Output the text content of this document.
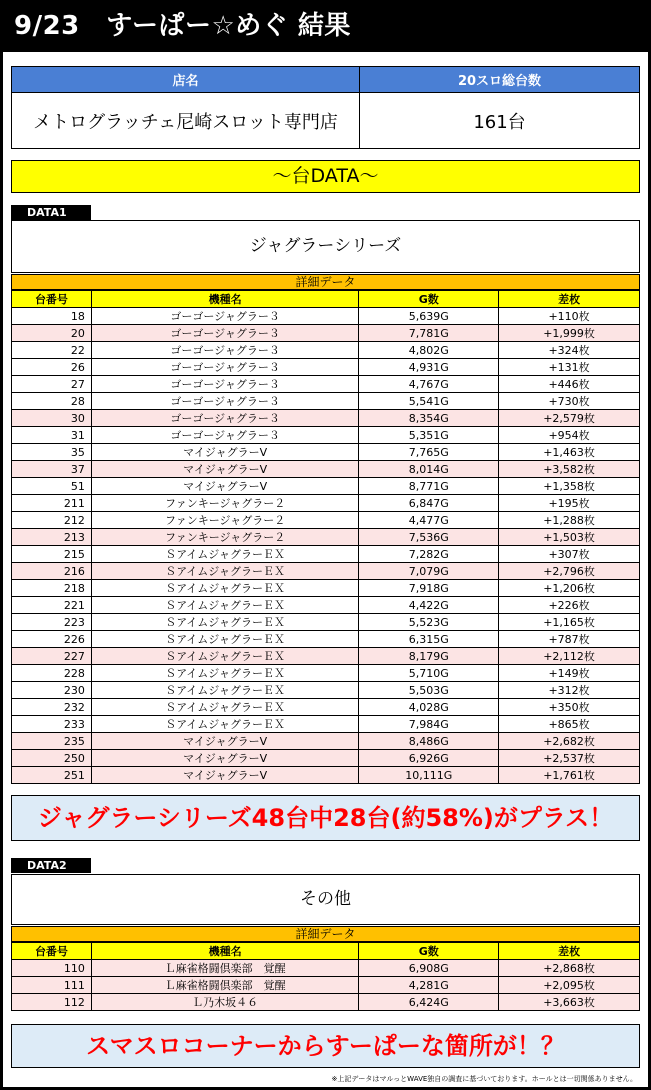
9/23　すーぱー☆めぐ 結果
店名	20スロ総台数
メトログラッチェ尼崎スロット専門店	161台
～台DATA～
DATA1
ジャグラーシリーズ
詳細データ
台番号	機種名	G数	差枚
18	ゴーゴージャグラー３	5,639G	+110枚
20	ゴーゴージャグラー３	7,781G	+1,999枚
22	ゴーゴージャグラー３	4,802G	+324枚
26	ゴーゴージャグラー３	4,931G	+131枚
27	ゴーゴージャグラー３	4,767G	+446枚
28	ゴーゴージャグラー３	5,541G	+730枚
30	ゴーゴージャグラー３	8,354G	+2,579枚
31	ゴーゴージャグラー３	5,351G	+954枚
35	マイジャグラーⅤ	7,765G	+1,463枚
37	マイジャグラーⅤ	8,014G	+3,582枚
51	マイジャグラーⅤ	8,771G	+1,358枚
211	ファンキージャグラー２	6,847G	+195枚
212	ファンキージャグラー２	4,477G	+1,288枚
213	ファンキージャグラー２	7,536G	+1,503枚
215	ＳアイムジャグラーＥＸ	7,282G	+307枚
216	ＳアイムジャグラーＥＸ	7,079G	+2,796枚
218	ＳアイムジャグラーＥＸ	7,918G	+1,206枚
221	ＳアイムジャグラーＥＸ	4,422G	+226枚
223	ＳアイムジャグラーＥＸ	5,523G	+1,165枚
226	ＳアイムジャグラーＥＸ	6,315G	+787枚
227	ＳアイムジャグラーＥＸ	8,179G	+2,112枚
228	ＳアイムジャグラーＥＸ	5,710G	+149枚
230	ＳアイムジャグラーＥＸ	5,503G	+312枚
232	ＳアイムジャグラーＥＸ	4,028G	+350枚
233	ＳアイムジャグラーＥＸ	7,984G	+865枚
235	マイジャグラーⅤ	8,486G	+2,682枚
250	マイジャグラーⅤ	6,926G	+2,537枚
251	マイジャグラーⅤ	10,111G	+1,761枚
ジャグラーシリーズ48台中28台(約58%)がプラス！
DATA2
その他
詳細データ
台番号	機種名	G数	差枚
110	Ｌ麻雀格闘倶楽部　覚醒	6,908G	+2,868枚
111	Ｌ麻雀格闘倶楽部　覚醒	4,281G	+2,095枚
112	Ｌ乃木坂４６	6,424G	+3,663枚
スマスロコーナーからすーぱーな箇所が！？
※上記データはマルっとWAVE独自の調査に基づいております。ホールとは一切関係ありません。
